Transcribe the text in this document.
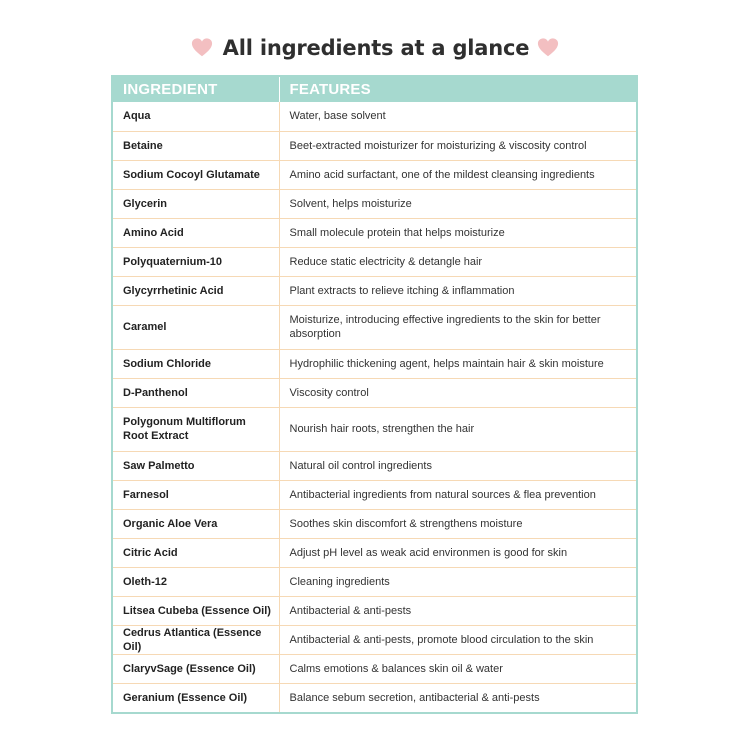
All ingredients at a glance
INGREDIENT	FEATURES
Aqua	Water, base solvent
Betaine	Beet-extracted moisturizer for moisturizing & viscosity control
Sodium Cocoyl Glutamate	Amino acid surfactant, one of the mildest cleansing ingredients
Glycerin	Solvent, helps moisturize
Amino Acid	Small molecule protein that helps moisturize
Polyquaternium-10	Reduce static electricity & detangle hair
Glycyrrhetinic Acid	Plant extracts to relieve itching & inflammation
Caramel	Moisturize, introducing effective ingredients to the skin for better absorption
Sodium Chloride	Hydrophilic thickening agent, helps maintain hair & skin moisture
D-Panthenol	Viscosity control
Polygonum Multiflorum Root Extract	Nourish hair roots, strengthen the hair
Saw Palmetto	Natural oil control ingredients
Farnesol	Antibacterial ingredients from natural sources & flea prevention
Organic Aloe Vera	Soothes skin discomfort & strengthens moisture
Citric Acid	Adjust pH level as weak acid environmen is good for skin
Oleth-12	Cleaning ingredients
Litsea Cubeba (Essence Oil)	Antibacterial & anti-pests
Cedrus Atlantica (Essence Oil)	Antibacterial & anti-pests, promote blood circulation to the skin
ClaryvSage (Essence Oil)	Calms emotions & balances skin oil & water
Geranium (Essence Oil)	Balance sebum secretion, antibacterial & anti-pests
